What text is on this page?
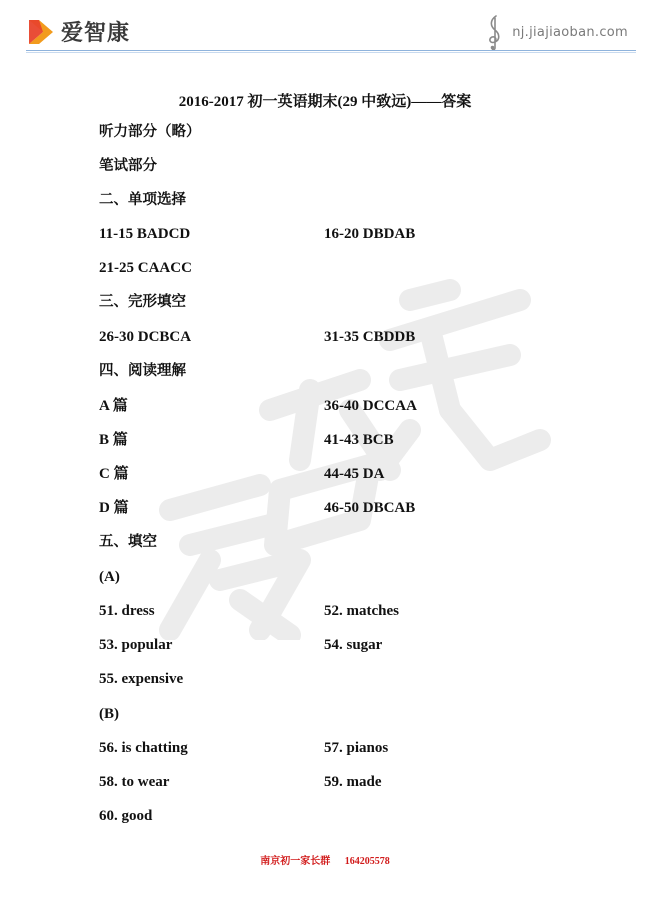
爱智康	nj.jiajiaoban.com
2016-2017 初一英语期末(29 中致远)——答案
听力部分（略）
笔试部分
二、单项选择
11-15 BADCD	16-20 DBDAB
21-25 CAACC
三、完形填空
26-30 DCBCA	31-35 CBDDB
四、阅读理解
A 篇	36-40 DCCAA
B 篇	41-43 BCB
C 篇	44-45 DA
D 篇	46-50 DBCAB
五、填空
(A)
51. dress	52. matches
53. popular	54. sugar
55. expensive
(B)
56. is chatting	57. pianos
58. to wear	59. made
60. good
南京初一家长群 164205578
